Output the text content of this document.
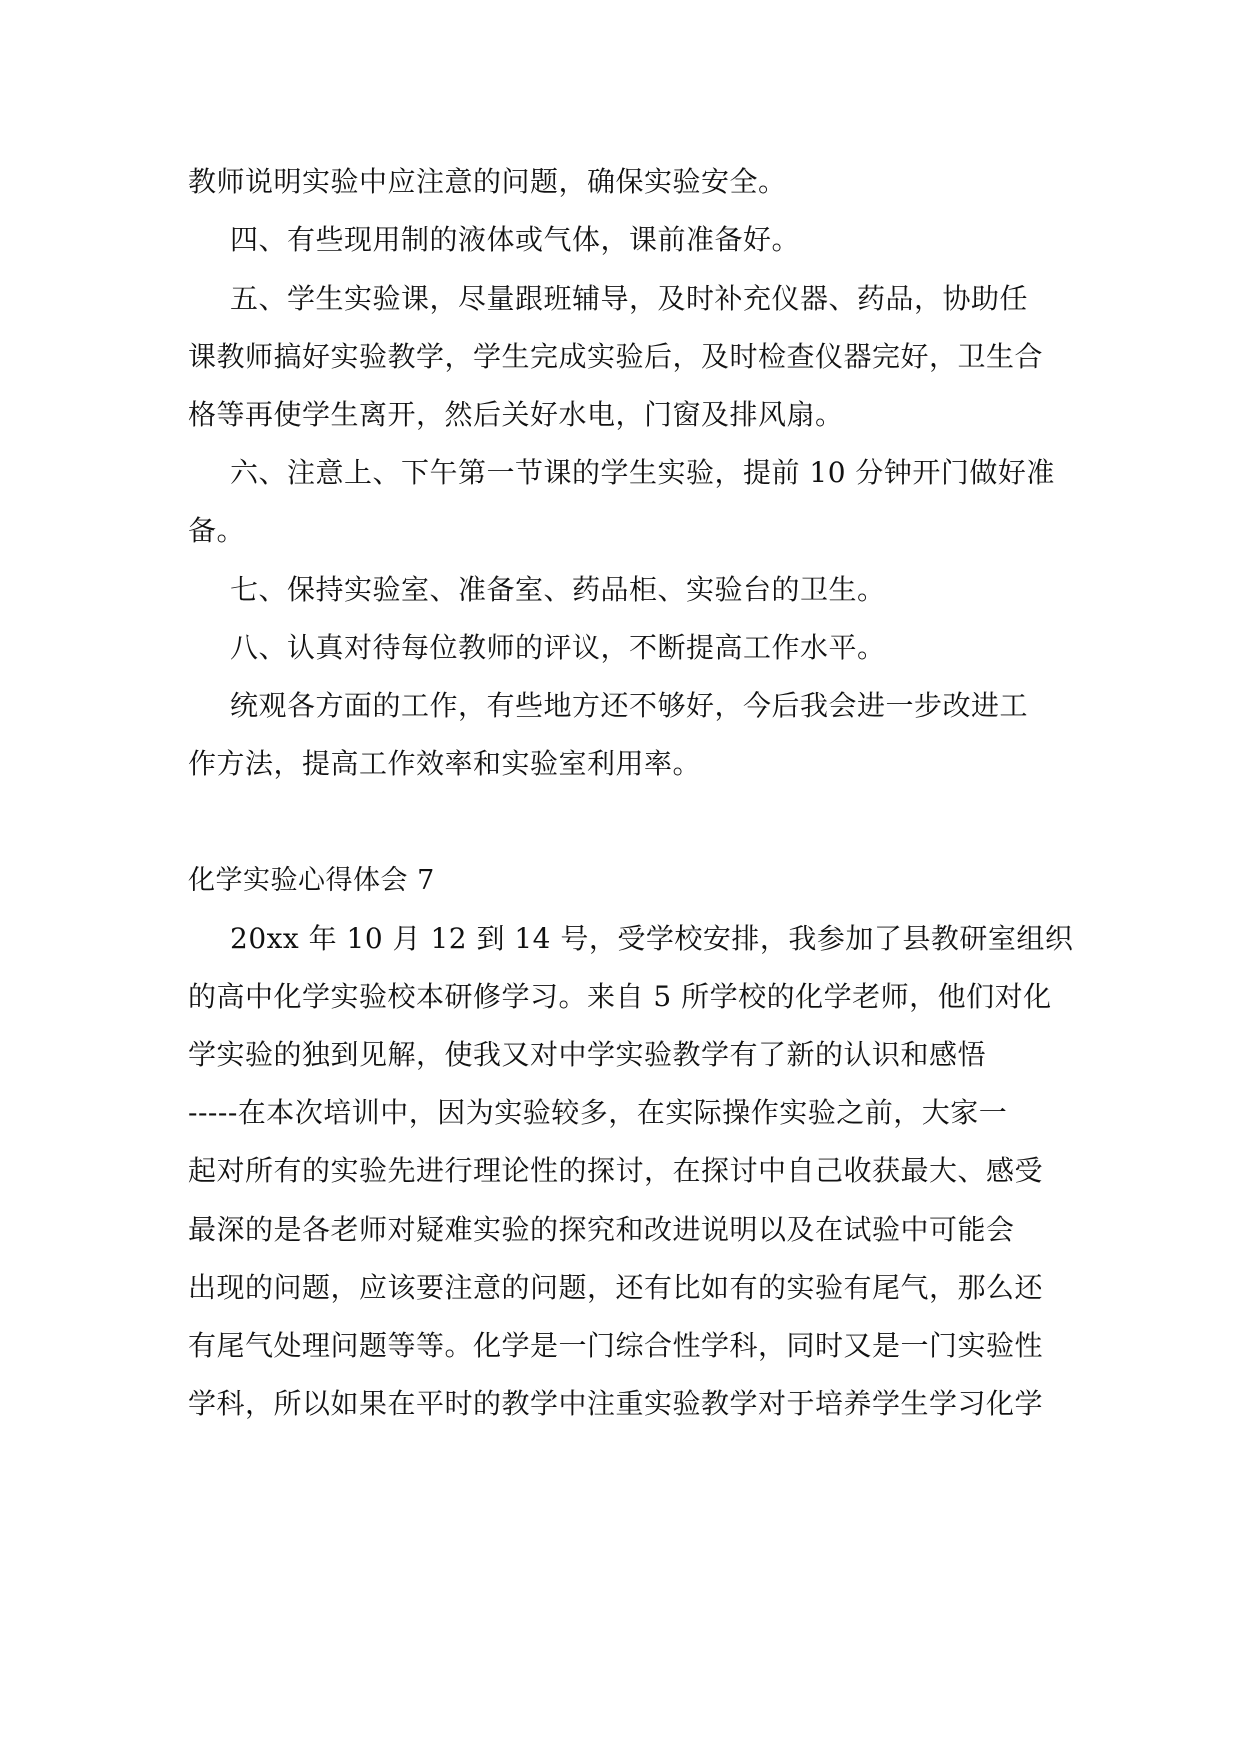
教师说明实验中应注意的问题，确保实验安全。
四、有些现用制的液体或气体，课前准备好。
五、学生实验课，尽量跟班辅导，及时补充仪器、药品，协助任
课教师搞好实验教学，学生完成实验后，及时检查仪器完好，卫生合
格等再使学生离开，然后关好水电，门窗及排风扇。
六、注意上、下午第一节课的学生实验，提前 10 分钟开门做好准
备。
七、保持实验室、准备室、药品柜、实验台的卫生。
八、认真对待每位教师的评议，不断提高工作水平。
统观各方面的工作，有些地方还不够好，今后我会进一步改进工
作方法，提高工作效率和实验室利用率。
化学实验心得体会 7
20xx 年 10 月 12 到 14 号，受学校安排，我参加了县教研室组织
的高中化学实验校本研修学习。来自 5 所学校的化学老师，他们对化
学实验的独到见解，使我又对中学实验教学有了新的认识和感悟
-----在本次培训中，因为实验较多，在实际操作实验之前，大家一
起对所有的实验先进行理论性的探讨，在探讨中自己收获最大、感受
最深的是各老师对疑难实验的探究和改进说明以及在试验中可能会
出现的问题，应该要注意的问题，还有比如有的实验有尾气，那么还
有尾气处理问题等等。化学是一门综合性学科，同时又是一门实验性
学科，所以如果在平时的教学中注重实验教学对于培养学生学习化学
